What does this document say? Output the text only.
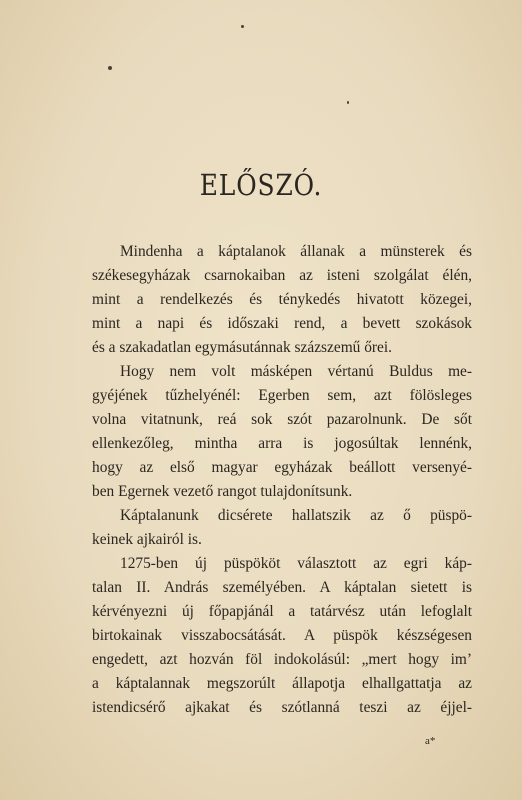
ELŐSZÓ.
Mindenha a káptalanok állanak a münsterek és
székesegyházak csarnokaiban az isteni szolgálat élén,
mint a rendelkezés és ténykedés hivatott közegei,
mint a napi és időszaki rend, a bevett szokások
és a szakadatlan egymásutánnak százszemű őrei.
Hogy nem volt másképen vértanú Buldus me-
gyéjének tűzhelyénél: Egerben sem, azt fölösleges
volna vitatnunk, reá sok szót pazarolnunk. De sőt
ellenkezőleg, mintha arra is jogosúltak lennénk,
hogy az első magyar egyházak beállott versenyé-
ben Egernek vezető rangot tulajdonítsunk.
Káptalanunk dicsérete hallatszik az ő püspö-
keinek ajkairól is.
1275-ben új püspököt választott az egri káp-
talan II. András személyében. A káptalan sietett is
kérvényezni új főpapjánál a tatárvész után lefoglalt
birtokainak visszabocsátását. A püspök készségesen
engedett, azt hozván föl indokolásúl: „mert hogy im’
a káptalannak megszorúlt állapotja elhallgattatja az
istendicsérő ajkakat és szótlanná teszi az éjjel-
a*
